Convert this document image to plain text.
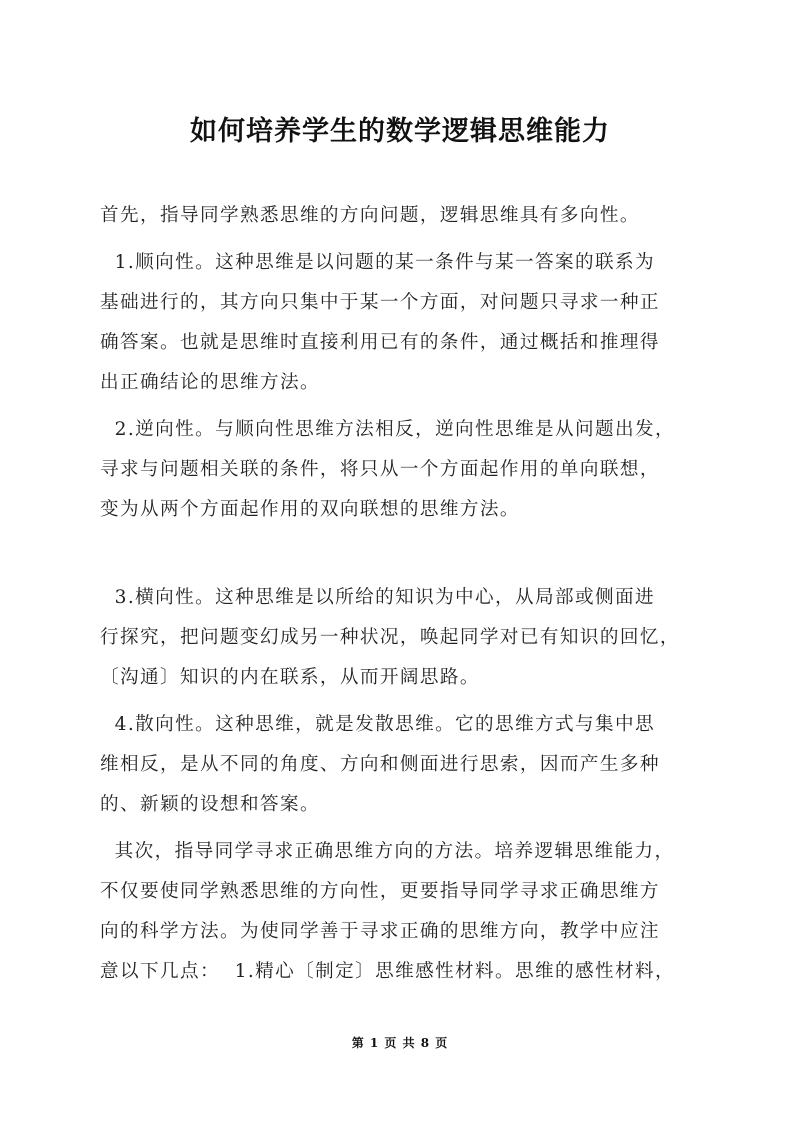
如何培养学生的数学逻辑思维能力
首先，指导同学熟悉思维的方向问题，逻辑思维具有多向性。
1.顺向性。这种思维是以问题的某一条件与某一答案的联系为
基础进行的，其方向只集中于某一个方面，对问题只寻求一种正
确答案。也就是思维时直接利用已有的条件，通过概括和推理得
出正确结论的思维方法。
2.逆向性。与顺向性思维方法相反，逆向性思维是从问题出发，
寻求与问题相关联的条件，将只从一个方面起作用的单向联想，
变为从两个方面起作用的双向联想的思维方法。
3.横向性。这种思维是以所给的知识为中心，从局部或侧面进
行探究，把问题变幻成另一种状况，唤起同学对已有知识的回忆，
〔沟通〕知识的内在联系，从而开阔思路。
4.散向性。这种思维，就是发散思维。它的思维方式与集中思
维相反，是从不同的角度、方向和侧面进行思索，因而产生多种
的、新颖的设想和答案。
其次，指导同学寻求正确思维方向的方法。培养逻辑思维能力，
不仅要使同学熟悉思维的方向性，更要指导同学寻求正确思维方
向的科学方法。为使同学善于寻求正确的思维方向，教学中应注
意以下几点：  1.精心〔制定〕思维感性材料。思维的感性材料，
第 1 页 共 8 页
